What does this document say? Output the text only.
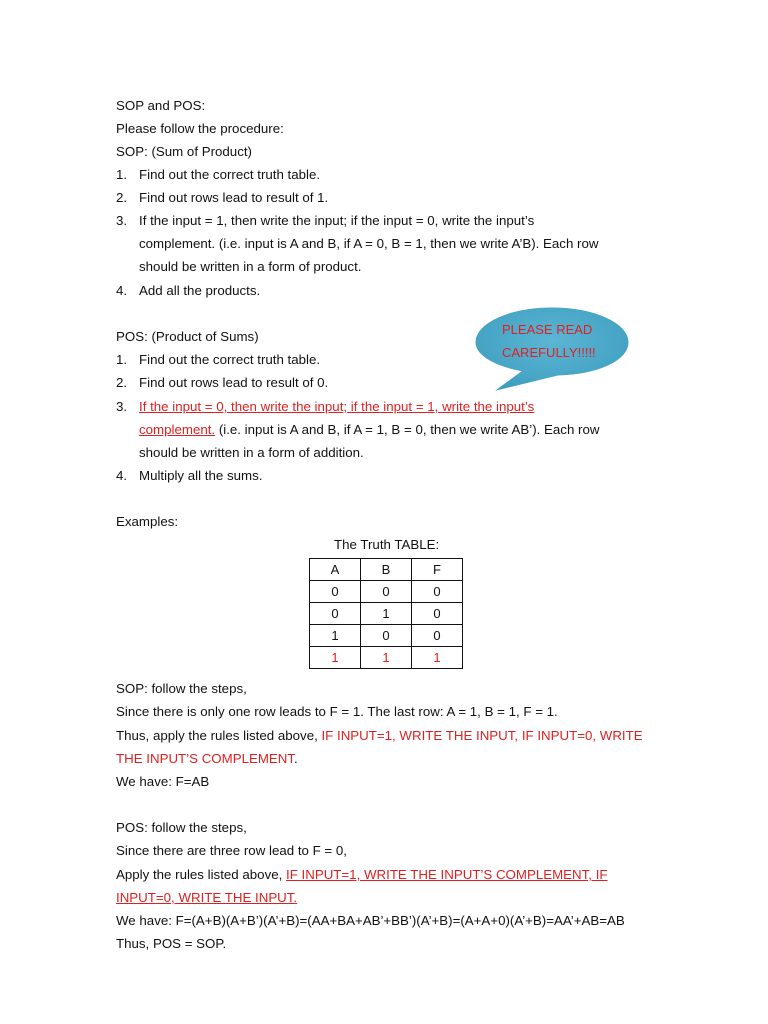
SOP and POS:
Please follow the procedure:
SOP: (Sum of Product)
1. Find out the correct truth table.
2. Find out rows lead to result of 1.
3. If the input = 1, then write the input; if the input = 0, write the input’s
complement. (i.e. input is A and B, if A = 0, B = 1, then we write A’B). Each row
should be written in a form of product.
4. Add all the products.
POS: (Product of Sums)
1. Find out the correct truth table.
2. Find out rows lead to result of 0.
3. If the input = 0, then write the input; if the input = 1, write the input’s
complement. (i.e. input is A and B, if A = 1, B = 0, then we write AB’). Each row
should be written in a form of addition.
4. Multiply all the sums.
Examples:
The Truth TABLE:
A	B	F
0	0	0
0	1	0
1	0	0
1	1	1
SOP: follow the steps,
Since there is only one row leads to F = 1. The last row: A = 1, B = 1, F = 1.
Thus, apply the rules listed above, IF INPUT=1, WRITE THE INPUT, IF INPUT=0, WRITE
THE INPUT’S COMPLEMENT.
We have: F=AB
POS: follow the steps,
Since there are three row lead to F = 0,
Apply the rules listed above, IF INPUT=1, WRITE THE INPUT’S COMPLEMENT, IF
INPUT=0, WRITE THE INPUT.
We have: F=(A+B)(A+B’)(A’+B)=(AA+BA+AB’+BB’)(A’+B)=(A+A+0)(A’+B)=AA’+AB=AB
Thus, POS = SOP.
PLEASE READ
CAREFULLY!!!!!
